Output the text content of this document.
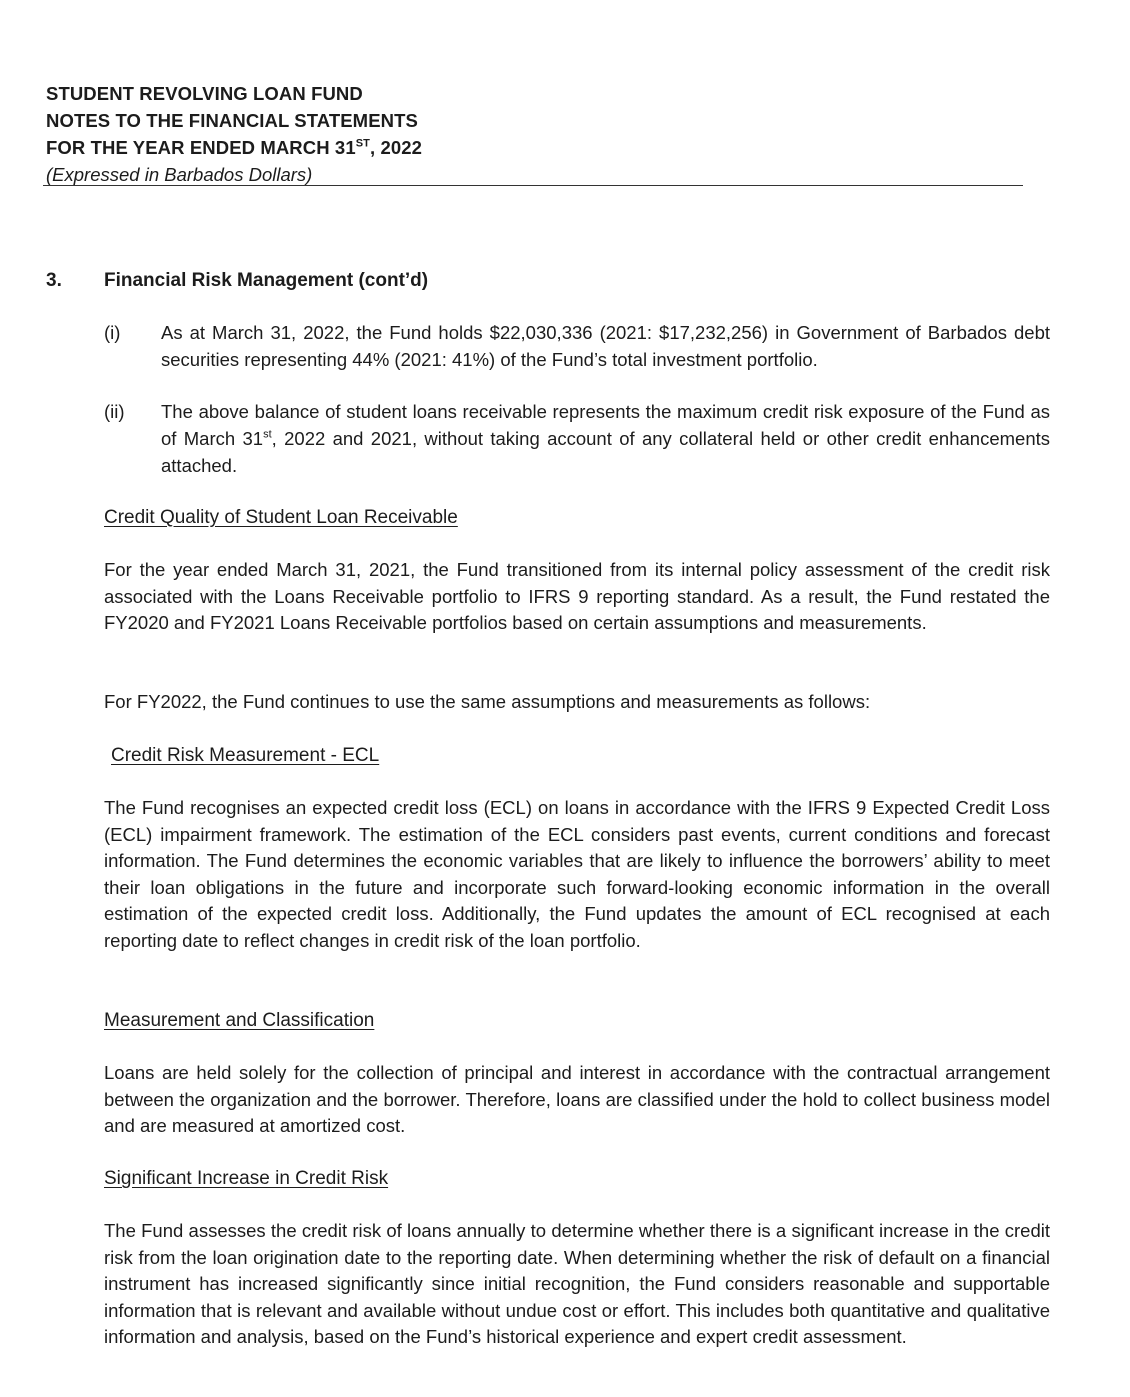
STUDENT REVOLVING LOAN FUND
NOTES TO THE FINANCIAL STATEMENTS
FOR THE YEAR ENDED MARCH 31ST, 2022
(Expressed in Barbados Dollars)
3. Financial Risk Management (cont’d)
(i) As at March 31, 2022, the Fund holds $22,030,336 (2021: $17,232,256) in Government of Barbados debt securities representing 44% (2021: 41%) of the Fund’s total investment portfolio.
(ii) The above balance of student loans receivable represents the maximum credit risk exposure of the Fund as of March 31st, 2022 and 2021, without taking account of any collateral held or other credit enhancements attached.
Credit Quality of Student Loan Receivable
For the year ended March 31, 2021, the Fund transitioned from its internal policy assessment of the credit risk associated with the Loans Receivable portfolio to IFRS 9 reporting standard. As a result, the Fund restated the FY2020 and FY2021 Loans Receivable portfolios based on certain assumptions and measurements.
For FY2022, the Fund continues to use the same assumptions and measurements as follows:
Credit Risk Measurement - ECL
The Fund recognises an expected credit loss (ECL) on loans in accordance with the IFRS 9 Expected Credit Loss (ECL) impairment framework. The estimation of the ECL considers past events, current conditions and forecast information. The Fund determines the economic variables that are likely to influence the borrowers’ ability to meet their loan obligations in the future and incorporate such forward-looking economic information in the overall estimation of the expected credit loss. Additionally, the Fund updates the amount of ECL recognised at each reporting date to reflect changes in credit risk of the loan portfolio.
Measurement and Classification
Loans are held solely for the collection of principal and interest in accordance with the contractual arrangement between the organization and the borrower. Therefore, loans are classified under the hold to collect business model and are measured at amortized cost.
Significant Increase in Credit Risk
The Fund assesses the credit risk of loans annually to determine whether there is a significant increase in the credit risk from the loan origination date to the reporting date. When determining whether the risk of default on a financial instrument has increased significantly since initial recognition, the Fund considers reasonable and supportable information that is relevant and available without undue cost or effort. This includes both quantitative and qualitative information and analysis, based on the Fund’s historical experience and expert credit assessment.
